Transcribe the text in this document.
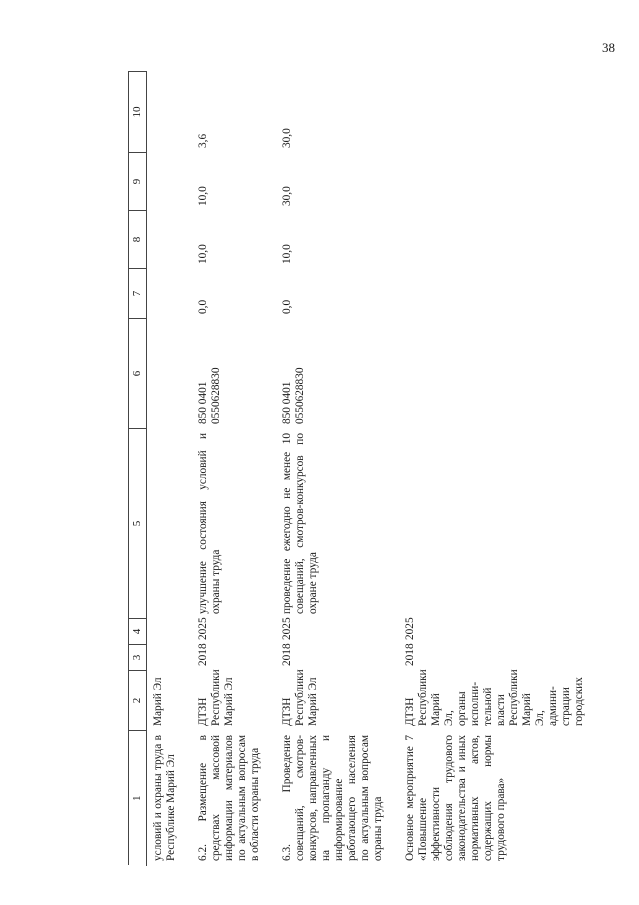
38
1	2	3	4	5	6	7	8	9	10
условий и охраны труда в Республике Марий Эл	Марий Эл								
6.2. Размещение в средствах массовой информации материалов по актуальным вопросам в области охраны труда	ДТЗН Республики Марий Эл	2018	2025	улучшение состояния условий и охраны труда	850 0401 0550628830	0,0	10,0	10,0	3,6
6.3. Проведение совещаний, смотров-конкурсов, направленных на пропаганду и информирование работающего населения по актуальным вопросам охраны труда	ДТЗН Республики Марий Эл	2018	2025	проведение ежегодно не менее 10 совещаний, смотров-конкурсов по охране труда	850 0401 0550628830	0,0	10,0	30,0	30,0
Основное мероприятие 7 «Повышение эффективности соблюдения трудового законодательства и иных нормативных актов, содержащих нормы трудового права»	ДТЗН Республики Марий Эл, органы исполни-тельной власти Республики Марий Эл, админи-страции городских	2018	2025						
